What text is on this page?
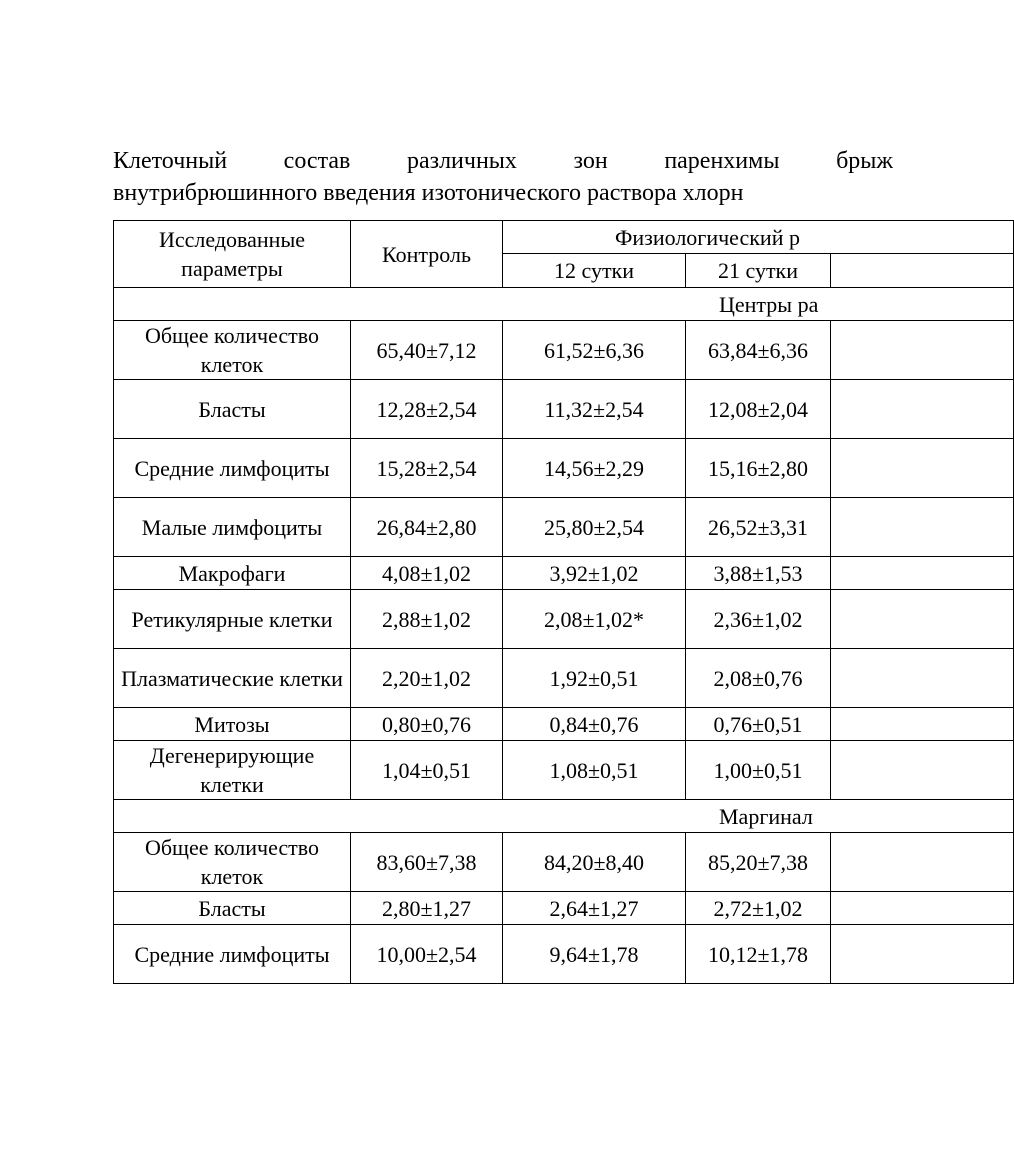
Клеточный состав различных зон паренхимы брыж
внутрибрюшинного введения изотонического раствора хлорн
Исследованные параметры	Контроль	Физиологический р		
		12 сутки	21 сутки	
Центры ра				
Общее количество клеток	65,40±7,12	61,52±6,36	63,84±6,36	
Бласты	12,28±2,54	11,32±2,54	12,08±2,04	
Средние лимфоциты	15,28±2,54	14,56±2,29	15,16±2,80	
Малые лимфоциты	26,84±2,80	25,80±2,54	26,52±3,31	
Макрофаги	4,08±1,02	3,92±1,02	3,88±1,53	
Ретикулярные клетки	2,88±1,02	2,08±1,02*	2,36±1,02	
Плазматические клетки	2,20±1,02	1,92±0,51	2,08±0,76	
Митозы	0,80±0,76	0,84±0,76	0,76±0,51	
Дегенерирующие клетки	1,04±0,51	1,08±0,51	1,00±0,51	
Маргинал				
Общее количество клеток	83,60±7,38	84,20±8,40	85,20±7,38	
Бласты	2,80±1,27	2,64±1,27	2,72±1,02	
Средние лимфоциты	10,00±2,54	9,64±1,78	10,12±1,78	
